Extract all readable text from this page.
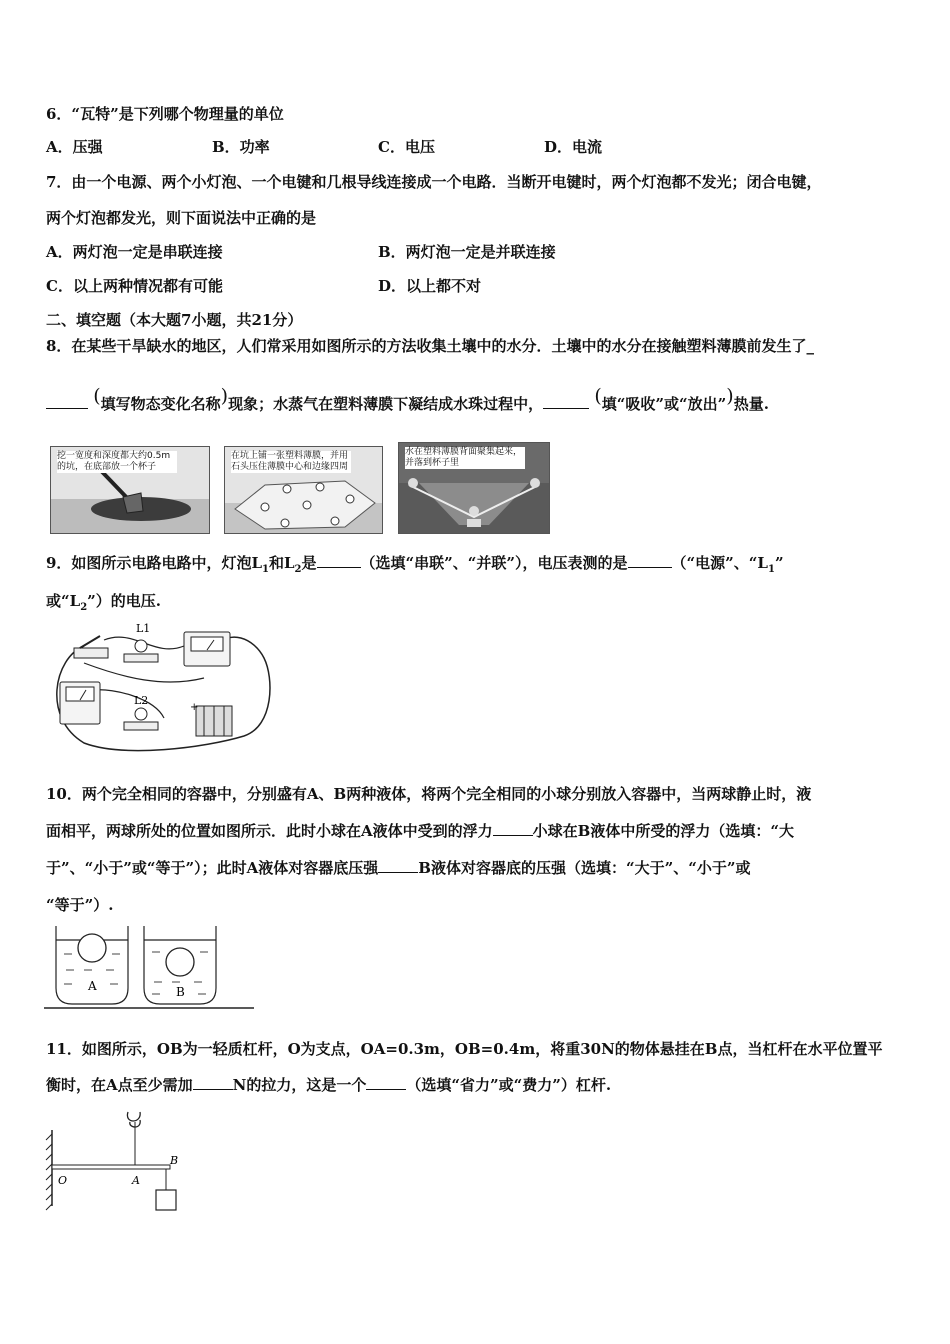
6．“瓦特”是下列哪个物理量的单位
A．压强	B．功率	C．电压	D．电流
7．由一个电源、两个小灯泡、一个电键和几根导线连接成一个电路．当断开电键时，两个灯泡都不发光；闭合电键，
两个灯泡都发光，则下面说法中正确的是
A．两灯泡一定是串联连接	B．两灯泡一定是并联连接
C．以上两种情况都有可能	D．以上都不对
二、填空题（本大题7小题，共21分）
8．在某些干旱缺水的地区，人们常采用如图所示的方法收集土壤中的水分．土壤中的水分在接触塑料薄膜前发生了_
(填写物态变化名称)现象；水蒸气在塑料薄膜下凝结成水珠过程中，	(填“吸收”或“放出”)热量.
挖一宽度和深度都大约0.5m的坑，在底部放一个杯子
在坑上铺一张塑料薄膜，并用石头压住薄膜中心和边缘四周
水在塑料薄膜背面聚集起来，并落到杯子里
9．如图所示电路电路中，灯泡$L_1$和$L_2$是	（选填“串联”、“并联”），电压表测的是	（“电源”、“$L_1$”
或“$L_2$”）的电压.
L1
L2
+
10．两个完全相同的容器中，分别盛有A、B两种液体，将两个完全相同的小球分别放入容器中，当两球静止时，液
面相平，两球所处的位置如图所示．此时小球在A液体中受到的浮力	小球在B液体中所受的浮力（选填：“大
于”、“小于”或“等于”）；此时A液体对容器底压强	B液体对容器底的压强（选填：“大于”、“小于”或
“等于”）.
A	B
11．如图所示，OB为一轻质杠杆，O为支点，OA=0.3m，OB=0.4m，将重30N的物体悬挂在B点，当杠杆在水平位置平
衡时，在A点至少需加	N的拉力，这是一个	（选填“省力”或“费力”）杠杆.
O	A
B
